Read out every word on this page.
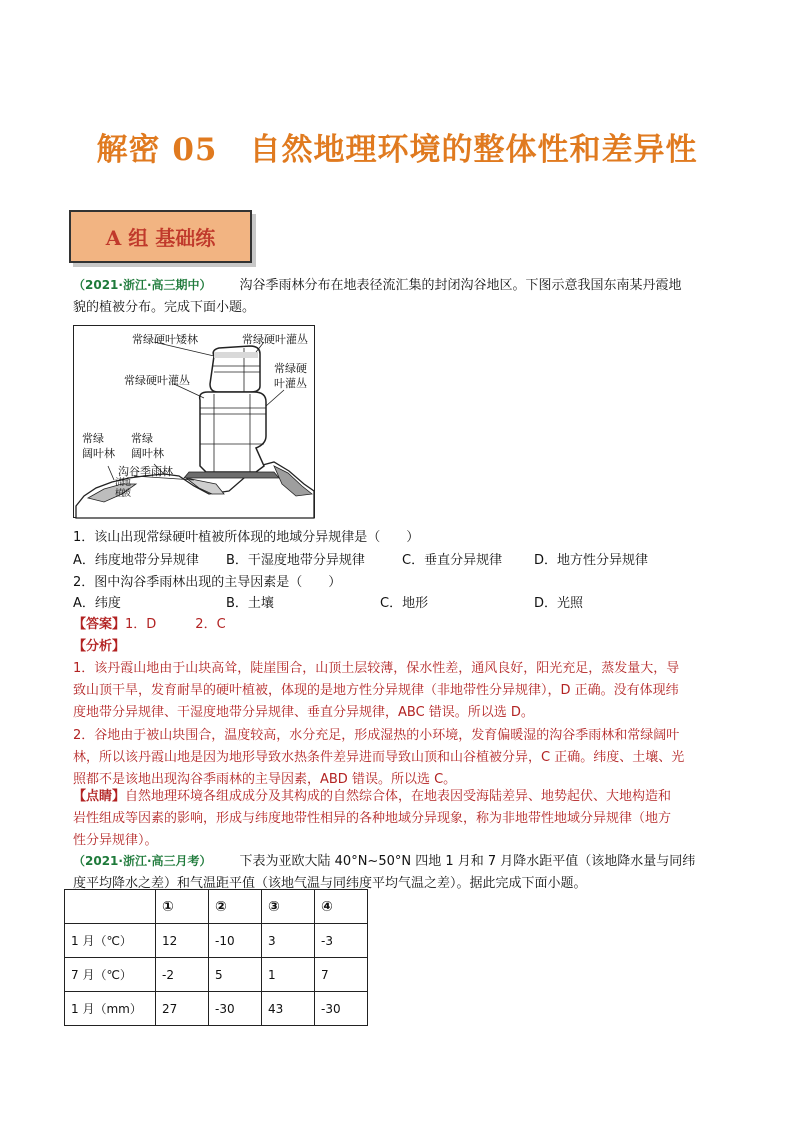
解密 05　自然地理环境的整体性和差异性
A 组 基础练
（2021·浙江·高三期中） 沟谷季雨林分布在地表径流汇集的封闭沟谷地区。下图示意我国东南某丹霞地
貌的植被分布。完成下面小题。
常绿硬叶矮林	常绿硬叶灌丛
常绿硬叶灌丛
常绿硬
叶灌丛
常绿
阔叶林
常绿
阔叶林
沟谷季雨林
流
地
植
被
1．该山出现常绿硬叶植被所体现的地域分异规律是（　　）
A．纬度地带分异规律 B．干湿度地带分异规律	C．垂直分异规律 D．地方性分异规律
2．图中沟谷季雨林出现的主导因素是（　　）
A．纬度	B．土壤	C．地形	D．光照
【答案】1．D　　　2．C
【分析】
1．该丹霞山地由于山块高耸，陡崖围合，山顶土层较薄，保水性差，通风良好，阳光充足，蒸发量大，导
致山顶干旱，发育耐旱的硬叶植被，体现的是地方性分异规律（非地带性分异规律），D 正确。没有体现纬
度地带分异规律、干湿度地带分异规律、垂直分异规律，ABC 错误。所以选 D。
2．谷地由于被山块围合，温度较高，水分充足，形成湿热的小环境，发育偏暖湿的沟谷季雨林和常绿阔叶
林，所以该丹霞山地是因为地形导致水热条件差异进而导致山顶和山谷植被分异，C 正确。纬度、土壤、光
照都不是该地出现沟谷季雨林的主导因素，ABD 错误。所以选 C。
【点睛】自然地理环境各组成成分及其构成的自然综合体，在地表因受海陆差异、地势起伏、大地构造和
岩性组成等因素的影响，形成与纬度地带性相异的各种地域分异现象，称为非地带性地域分异规律（地方
性分异规律）。
（2021·浙江·高三月考） 下表为亚欧大陆 40°N~50°N 四地 1 月和 7 月降水距平值（该地降水量与同纬
度平均降水之差）和气温距平值（该地气温与同纬度平均气温之差）。据此完成下面小题。
	①	②	③	④
1 月（℃）	12	-10	3	-3
7 月（℃）	-2	5	1	7
1 月（mm）	27	-30	43	-30
